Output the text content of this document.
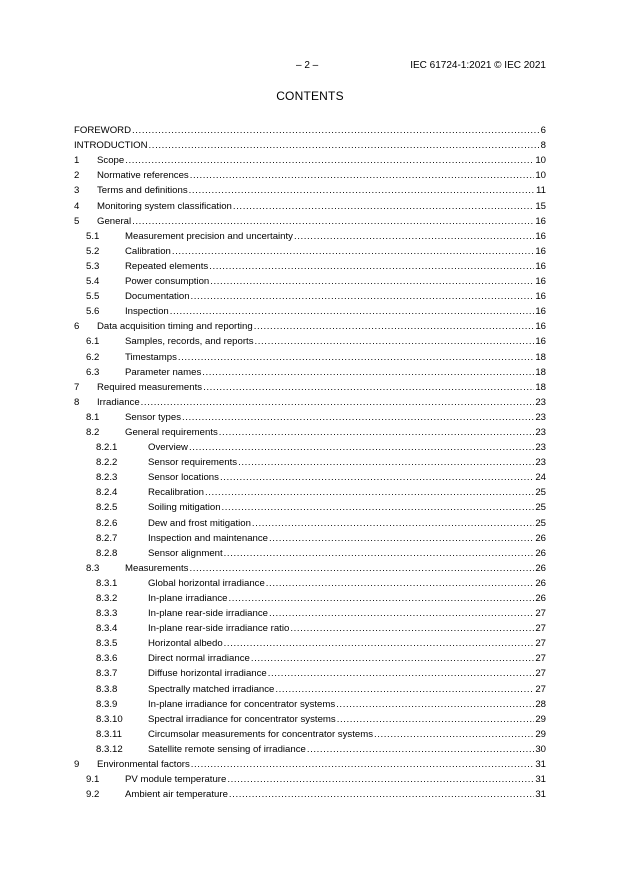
– 2 –	IEC 61724-1:2021 © IEC 2021
CONTENTS
FOREWORD .....	6
INTRODUCTION .....	8
1	Scope .....	10
2	Normative references .....	10
3	Terms and definitions .....	11
4	Monitoring system classification .....	15
5	General .....	16
5.1	Measurement precision and uncertainty .....	16
5.2	Calibration .....	16
5.3	Repeated elements .....	16
5.4	Power consumption .....	16
5.5	Documentation .....	16
5.6	Inspection .....	16
6	Data acquisition timing and reporting .....	16
6.1	Samples, records, and reports .....	16
6.2	Timestamps .....	18
6.3	Parameter names .....	18
7	Required measurements .....	18
8	Irradiance .....	23
8.1	Sensor types .....	23
8.2	General requirements .....	23
8.2.1	Overview .....	23
8.2.2	Sensor requirements .....	23
8.2.3	Sensor locations .....	24
8.2.4	Recalibration .....	25
8.2.5	Soiling mitigation .....	25
8.2.6	Dew and frost mitigation .....	25
8.2.7	Inspection and maintenance .....	26
8.2.8	Sensor alignment .....	26
8.3	Measurements .....	26
8.3.1	Global horizontal irradiance .....	26
8.3.2	In-plane irradiance .....	26
8.3.3	In-plane rear-side irradiance .....	27
8.3.4	In-plane rear-side irradiance ratio .....	27
8.3.5	Horizontal albedo .....	27
8.3.6	Direct normal irradiance .....	27
8.3.7	Diffuse horizontal irradiance .....	27
8.3.8	Spectrally matched irradiance .....	27
8.3.9	In-plane irradiance for concentrator systems .....	28
8.3.10	Spectral irradiance for concentrator systems .....	29
8.3.11	Circumsolar measurements for concentrator systems .....	29
8.3.12	Satellite remote sensing of irradiance .....	30
9	Environmental factors .....	31
9.1	PV module temperature .....	31
9.2	Ambient air temperature .....	31
